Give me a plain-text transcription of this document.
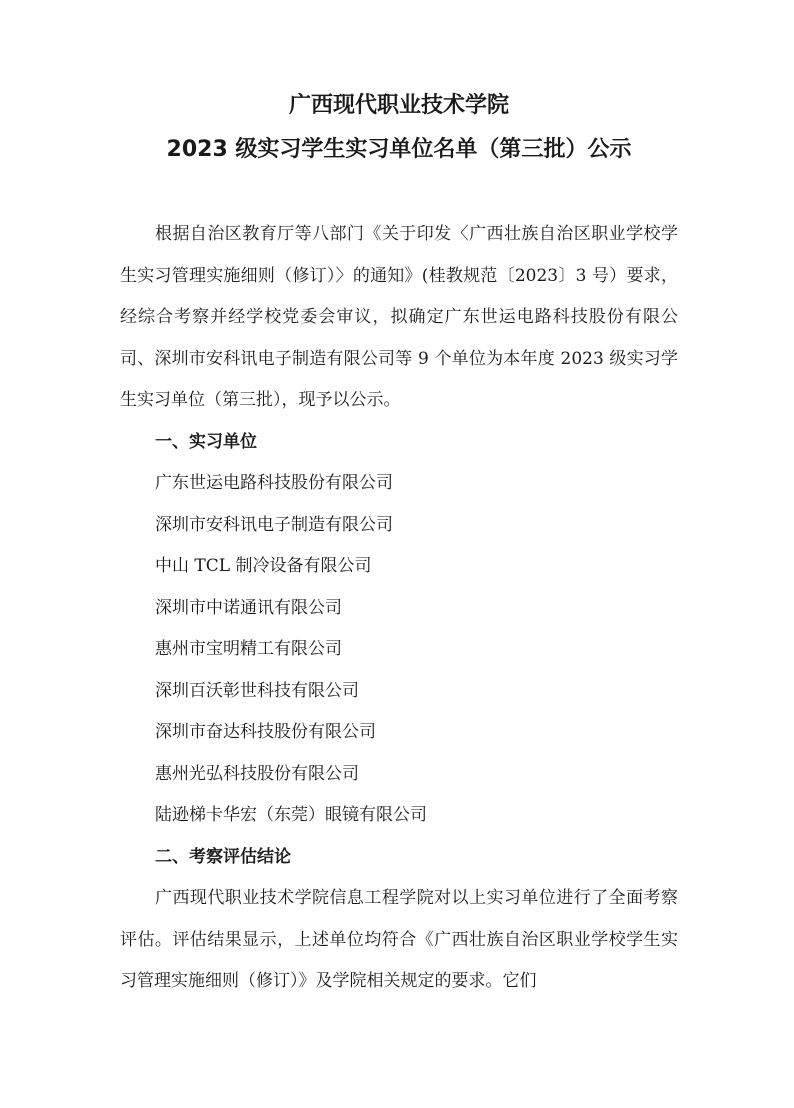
广西现代职业技术学院
2023 级实习学生实习单位名单（第三批）公示

根据自治区教育厅等八部门《关于印发〈广西壮族自治区职业学校学生实习管理实施细则（修订）〉的通知》(桂教规范〔2023〕3 号）要求，经综合考察并经学校党委会审议，拟确定广东世运电路科技股份有限公司、深圳市安科讯电子制造有限公司等 9 个单位为本年度 2023 级实习学生实习单位（第三批），现予以公示。

一、实习单位
广东世运电路科技股份有限公司
深圳市安科讯电子制造有限公司
中山 TCL 制冷设备有限公司
深圳市中诺通讯有限公司
惠州市宝明精工有限公司
深圳百沃彰世科技有限公司
深圳市奋达科技股份有限公司
惠州光弘科技股份有限公司
陆逊梯卡华宏（东莞）眼镜有限公司
二、考察评估结论

广西现代职业技术学院信息工程学院对以上实习单位进行了全面考察评估。评估结果显示，上述单位均符合《广西壮族自治区职业学校学生实习管理实施细则（修订）》及学院相关规定的要求。它们
